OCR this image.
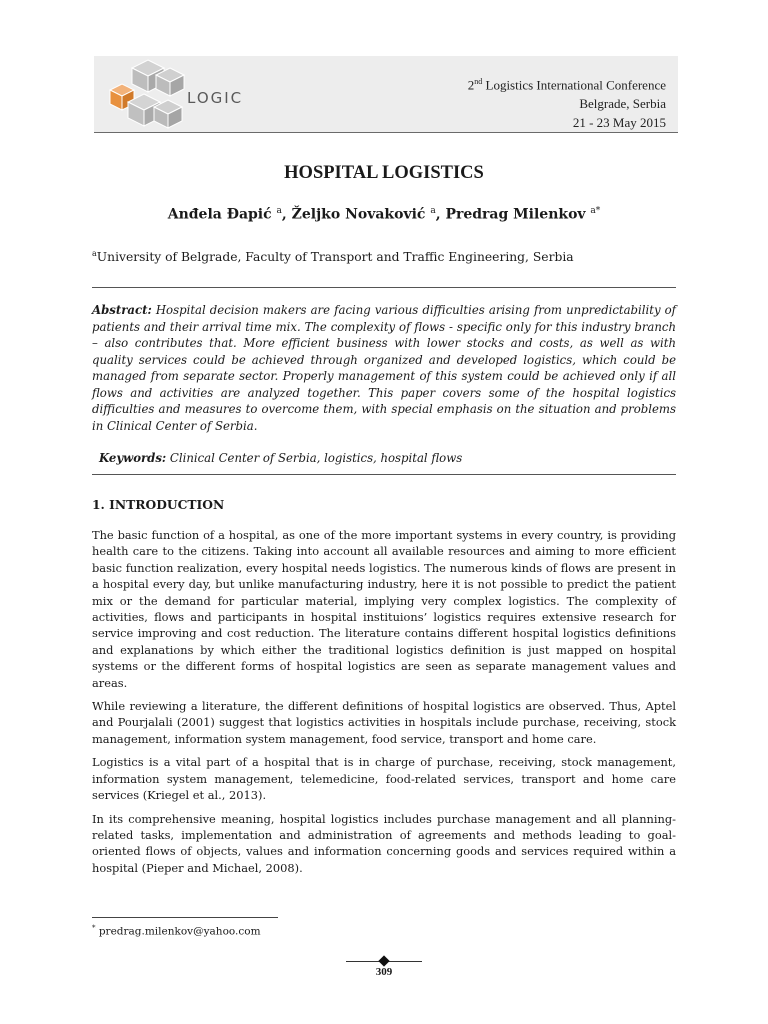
LOGIC
2nd Logistics International Conference
Belgrade, Serbia
21 - 23 May 2015
HOSPITAL LOGISTICS
Anđela Đapić $^a$, Željko Novaković $^a$, Predrag Milenkov $^{a*}$
$^a$University of Belgrade, Faculty of Transport and Traffic Engineering, Serbia
Abstract: Hospital decision makers are facing various difficulties arising from unpredictability of patients and their arrival time mix. The complexity of flows - specific only for this industry branch – also contributes that. More efficient business with lower stocks and costs, as well as with quality services could be achieved through organized and developed logistics, which could be managed from separate sector. Properly management of this system could be achieved only if all flows and activities are analyzed together. This paper covers some of the hospital logistics difficulties and measures to overcome them, with special emphasis on the situation and problems in Clinical Center of Serbia.
Keywords: Clinical Center of Serbia, logistics, hospital flows
1. INTRODUCTION

The basic function of a hospital, as one of the more important systems in every country, is providing health care to the citizens. Taking into account all available resources and aiming to more efficient basic function realization, every hospital needs logistics. The numerous kinds of flows are present in a hospital every day, but unlike manufacturing industry, here it is not possible to predict the patient mix or the demand for particular material, implying very complex logistics. The complexity of activities, flows and participants in hospital instituions’ logistics requires extensive research for service improving and cost reduction. The literature contains different hospital logistics definitions and explanations by which either the traditional logistics definition is just mapped on hospital systems or the different forms of hospital logistics are seen as separate management values and areas.

While reviewing a literature, the different definitions of hospital logistics are observed. Thus, Aptel and Pourjalali (2001) suggest that logistics activities in hospitals include purchase, receiving, stock management, information system management, food service, transport and home care.

Logistics is a vital part of a hospital that is in charge of purchase, receiving, stock management, information system management, telemedicine, food-related services, transport and home care services (Kriegel et al., 2013).

In its comprehensive meaning, hospital logistics includes purchase management and all planning-related tasks, implementation and administration of agreements and methods leading to goal-oriented flows of objects, values and information concerning goods and services required within a hospital (Pieper and Michael, 2008).

* predrag.milenkov@yahoo.com
309
